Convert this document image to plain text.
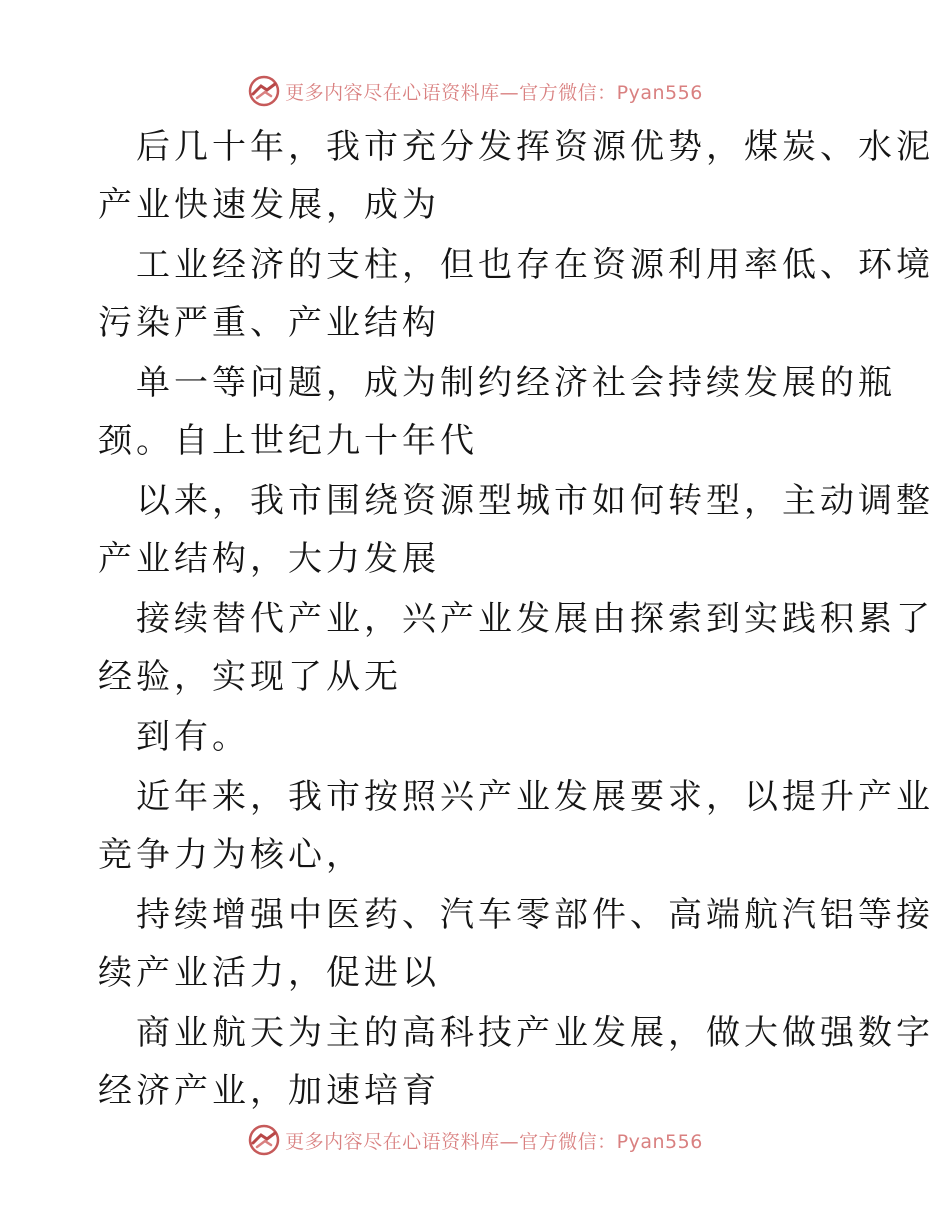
更多内容尽在心语资料库—官方微信：Pyan556
后几十年，我市充分发挥资源优势，煤炭、水泥
产业快速发展，成为
工业经济的支柱，但也存在资源利用率低、环境
污染严重、产业结构
单一等问题，成为制约经济社会持续发展的瓶
颈。自上世纪九十年代
以来，我市围绕资源型城市如何转型，主动调整
产业结构，大力发展
接续替代产业，兴产业发展由探索到实践积累了
经验，实现了从无
到有。
近年来，我市按照兴产业发展要求，以提升产业
竞争力为核心，
持续增强中医药、汽车零部件、高端航汽铝等接
续产业活力，促进以
商业航天为主的高科技产业发展，做大做强数字
经济产业，加速培育
更多内容尽在心语资料库—官方微信：Pyan556
